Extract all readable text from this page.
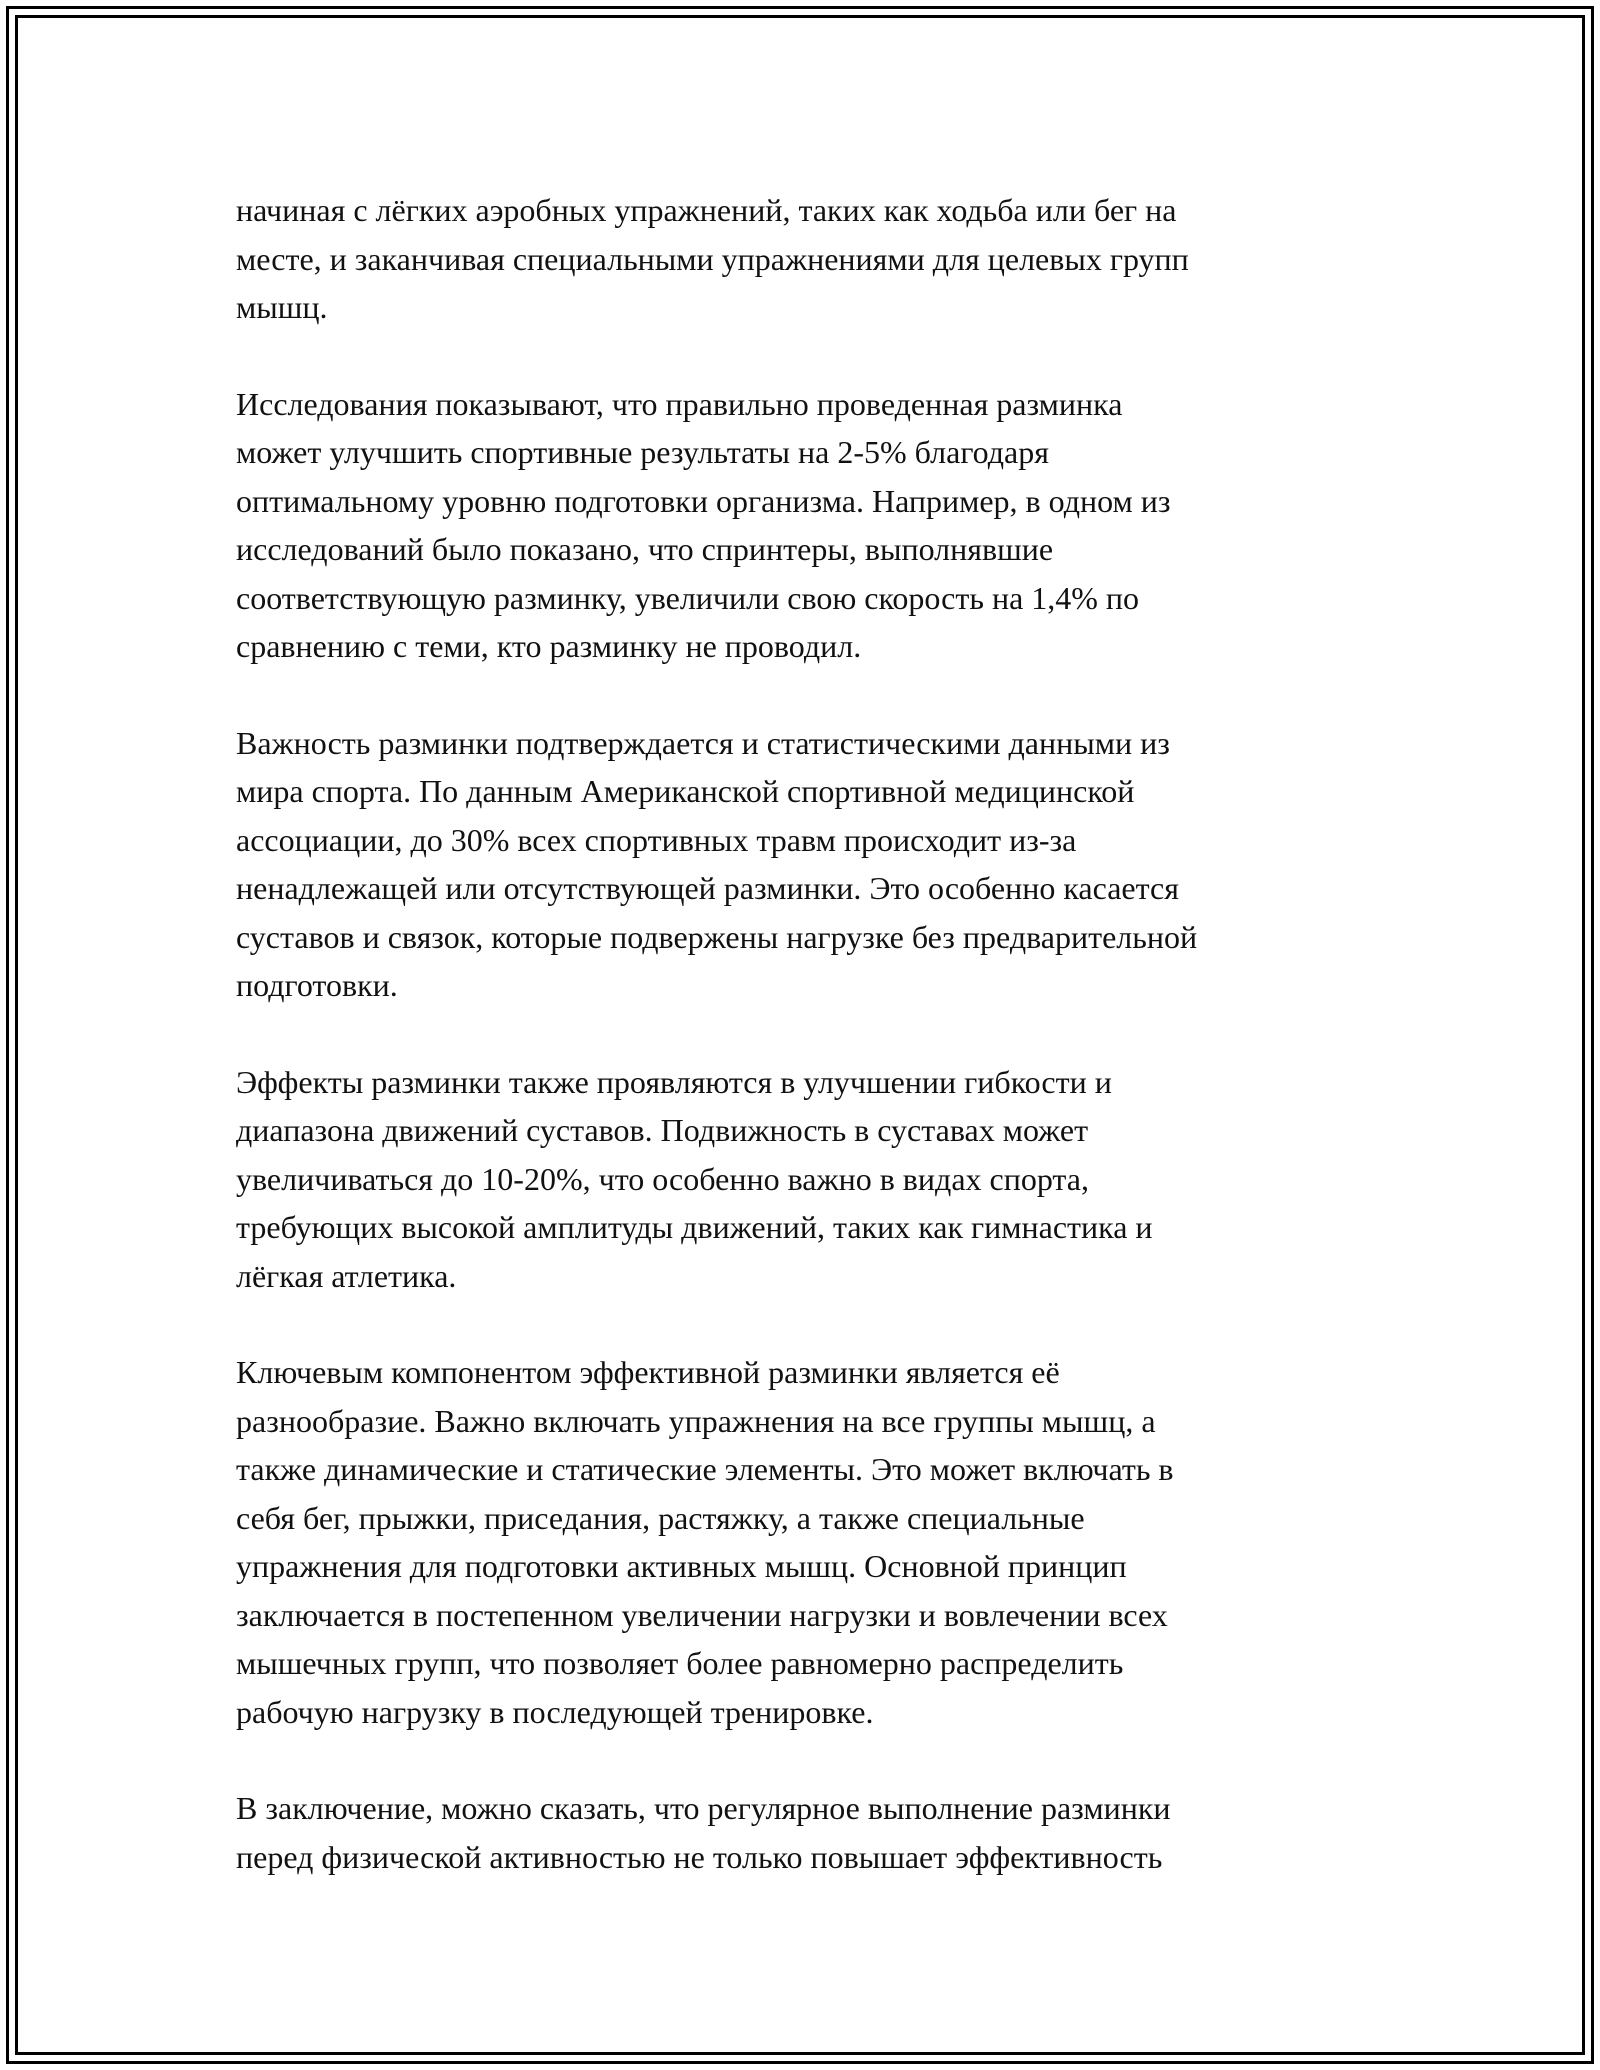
начиная с лёгких аэробных упражнений, таких как ходьба или бег на
месте, и заканчивая специальными упражнениями для целевых групп
мышц.

Исследования показывают, что правильно проведенная разминка
может улучшить спортивные результаты на 2-5% благодаря
оптимальному уровню подготовки организма. Например, в одном из
исследований было показано, что спринтеры, выполнявшие
соответствующую разминку, увеличили свою скорость на 1,4% по
сравнению с теми, кто разминку не проводил.

Важность разминки подтверждается и статистическими данными из
мира спорта. По данным Американской спортивной медицинской
ассоциации, до 30% всех спортивных травм происходит из-за
ненадлежащей или отсутствующей разминки. Это особенно касается
суставов и связок, которые подвержены нагрузке без предварительной
подготовки.

Эффекты разминки также проявляются в улучшении гибкости и
диапазона движений суставов. Подвижность в суставах может
увеличиваться до 10-20%, что особенно важно в видах спорта,
требующих высокой амплитуды движений, таких как гимнастика и
лёгкая атлетика.

Ключевым компонентом эффективной разминки является её
разнообразие. Важно включать упражнения на все группы мышц, а
также динамические и статические элементы. Это может включать в
себя бег, прыжки, приседания, растяжку, а также специальные
упражнения для подготовки активных мышц. Основной принцип
заключается в постепенном увеличении нагрузки и вовлечении всех
мышечных групп, что позволяет более равномерно распределить
рабочую нагрузку в последующей тренировке.

В заключение, можно сказать, что регулярное выполнение разминки
перед физической активностью не только повышает эффективность
